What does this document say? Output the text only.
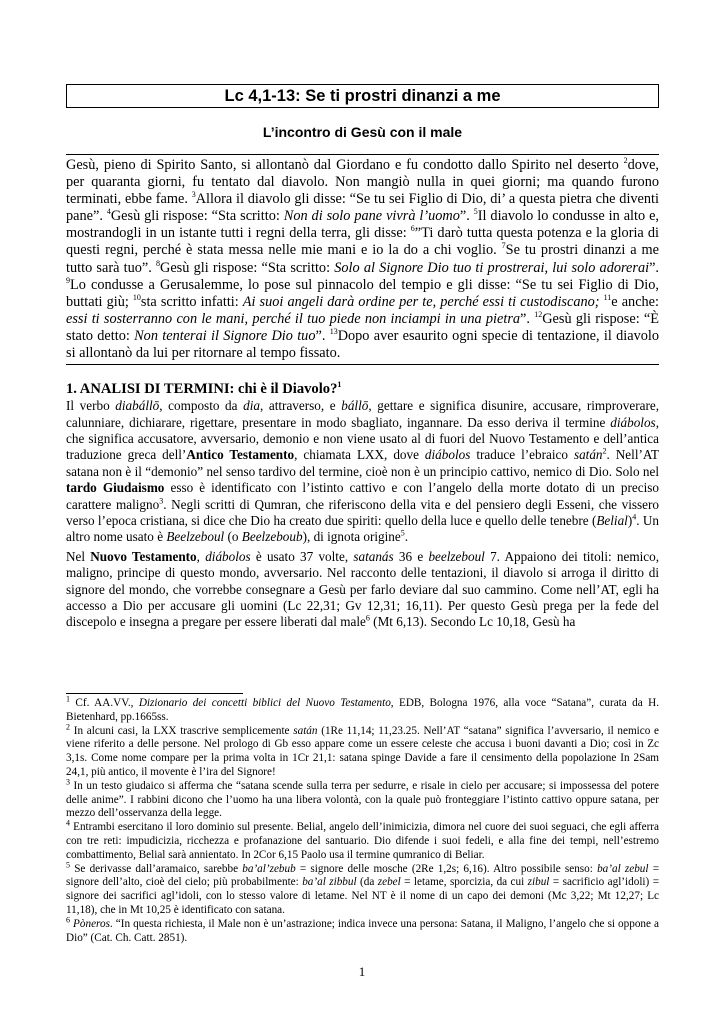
Lc 4,1-13: Se ti prostri dinanzi a me
L’incontro di Gesù con il male
Gesù, pieno di Spirito Santo, si allontanò dal Giordano e fu condotto dallo Spirito nel deserto $^2$dove, per quaranta giorni, fu tentato dal diavolo. Non mangiò nulla in quei giorni; ma quando furono terminati, ebbe fame. $^3$Allora il diavolo gli disse: “Se tu sei Figlio di Dio, di’ a questa pietra che diventi pane”. $^4$Gesù gli rispose: “Sta scritto: Non di solo pane vivrà l’uomo”. $^5$Il diavolo lo condusse in alto e, mostrandogli in un istante tutti i regni della terra, gli disse: $^6$”Ti darò tutta questa potenza e la gloria di questi regni, perché è stata messa nelle mie mani e io la do a chi voglio. $^7$Se tu prostri dinanzi a me tutto sarà tuo”. $^8$Gesù gli rispose: “Sta scritto: Solo al Signore Dio tuo ti prostrerai, lui solo adorerai”. $^9$Lo condusse a Gerusalemme, lo pose sul pinnacolo del tempio e gli disse: “Se tu sei Figlio di Dio, buttati giù; $^{10}$sta scritto infatti: Ai suoi angeli darà ordine per te, perché essi ti custodiscano; $^{11}$e anche: essi ti sosterranno con le mani, perché il tuo piede non inciampi in una pietra”. $^{12}$Gesù gli rispose: “È stato detto: Non tenterai il Signore Dio tuo”. $^{13}$Dopo aver esaurito ogni specie di tentazione, il diavolo si allontanò da lui per ritornare al tempo fissato.
1. ANALISI DI TERMINI: chi è il Diavolo?$^1$

Il verbo diabállō, composto da dia, attraverso, e bállō, gettare e significa disunire, accusare, rimproverare, calunniare, dichiarare, rigettare, presentare in modo sbagliato, ingannare. Da esso deriva il termine diábolos, che significa accusatore, avversario, demonio e non viene usato al di fuori del Nuovo Testamento e dell’antica traduzione greca dell’Antico Testamento, chiamata LXX, dove diábolos traduce l’ebraico satán$^2$. Nell’AT satana non è il “demonio” nel senso tardivo del termine, cioè non è un principio cattivo, nemico di Dio. Solo nel tardo Giudaismo esso è identificato con l’istinto cattivo e con l’angelo della morte dotato di un preciso carattere maligno$^3$. Negli scritti di Qumran, che riferiscono della vita e del pensiero degli Esseni, che vissero verso l’epoca cristiana, si dice che Dio ha creato due spiriti: quello della luce e quello delle tenebre (Belial)$^4$. Un altro nome usato è Beelzeboul (o Beelzeboub), di ignota origine$^5$.

Nel Nuovo Testamento, diábolos è usato 37 volte, satanás 36 e beelzeboul 7. Appaiono dei titoli: nemico, maligno, principe di questo mondo, avversario. Nel racconto delle tentazioni, il diavolo si arroga il diritto di signore del mondo, che vorrebbe consegnare a Gesù per farlo deviare dal suo cammino. Come nell’AT, egli ha accesso a Dio per accusare gli uomini (Lc 22,31; Gv 12,31; 16,11). Per questo Gesù prega per la fede del discepolo e insegna a pregare per essere liberati dal male$^6$ (Mt 6,13). Secondo Lc 10,18, Gesù ha

$^1$ Cf. AA.VV., Dizionario dei concetti biblici del Nuovo Testamento, EDB, Bologna 1976, alla voce “Satana”, curata da H. Bietenhard, pp.1665ss.

$^2$ In alcuni casi, la LXX trascrive semplicemente satán (1Re 11,14; 11,23.25. Nell’AT “satana” significa l’avversario, il nemico e viene riferito a delle persone. Nel prologo di Gb esso appare come un essere celeste che accusa i buoni davanti a Dio; così in Zc 3,1s. Come nome compare per la prima volta in 1Cr 21,1: satana spinge Davide a fare il censimento della popolazione In 2Sam 24,1, più antico, il movente è l’ira del Signore!

$^3$ In un testo giudaico si afferma che “satana scende sulla terra per sedurre, e risale in cielo per accusare; si impossessa del potere delle anime”. I rabbini dicono che l’uomo ha una libera volontà, con la quale può fronteggiare l’istinto cattivo oppure satana, per mezzo dell’osservanza della legge.

$^4$ Entrambi esercitano il loro dominio sul presente. Belial, angelo dell’inimicizia, dimora nel cuore dei suoi seguaci, che egli afferra con tre reti: impudicizia, ricchezza e profanazione del santuario. Dio difende i suoi fedeli, e alla fine dei tempi, nell’estremo combattimento, Belial sarà annientato. In 2Cor 6,15 Paolo usa il termine qumranico di Beliar.

$^5$ Se derivasse dall’aramaico, sarebbe ba’al’zebub = signore delle mosche (2Re 1,2s; 6,16). Altro possibile senso: ba’al zebul = signore dell’alto, cioè del cielo; più probabilmente: ba’al zibbul (da zebel = letame, sporcizia, da cui zibul = sacrificio agl’idoli) = signore dei sacrifici agl’idoli, con lo stesso valore di letame. Nel NT è il nome di un capo dei demoni (Mc 3,22; Mt 12,27; Lc 11,18), che in Mt 10,25 è identificato con satana.

$^6$ Pòneros. “In questa richiesta, il Male non è un’astrazione; indica invece una persona: Satana, il Maligno, l’angelo che si oppone a Dio” (Cat. Ch. Catt. 2851).

1
